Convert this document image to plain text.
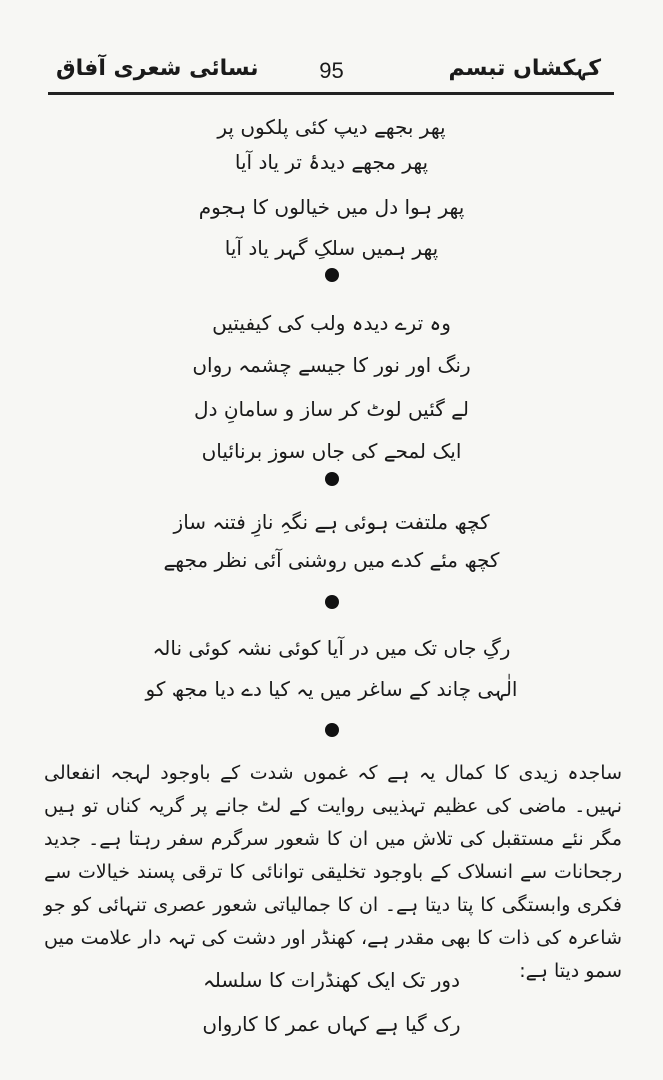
نسائی شعری آفاق	95	کہکشاں تبسم
پھر بجھے دیپ کئی پلکوں پر
پھر مجھے دیدۂ تر یاد آیا
پھر ہوا دل میں خیالوں کا ہجوم
پھر ہمیں سلکِ گہر یاد آیا
وہ ترے دیدہ ولب کی کیفیتیں
رنگ اور نور کا جیسے چشمہ رواں
لے گئیں لوٹ کر ساز و سامانِ دل
ایک لمحے کی جاں سوز برنائیاں
کچھ ملتفت ہوئی ہے نگہِ نازِ فتنہ ساز
کچھ مئے کدے میں روشنی آئی نظر مجھے
رگِ جاں تک میں در آیا کوئی نشہ کوئی نالہ
الٰہی چاند کے ساغر میں یہ کیا دے دیا مجھ کو

ساجدہ زیدی کا کمال یہ ہے کہ غموں شدت کے باوجود لہجہ انفعالی نہیں۔ ماضی کی عظیم تہذیبی روایت کے لٹ جانے پر گریہ کناں تو ہیں مگر نئے مستقبل کی تلاش میں ان کا شعور سرگرم سفر رہتا ہے۔ جدید رجحانات سے انسلاک کے باوجود تخلیقی توانائی کا ترقی پسند خیالات سے فکری وابستگی کا پتا دیتا ہے۔ ان کا جمالیاتی شعور عصری تنہائی کو جو شاعرہ کی ذات کا بھی مقدر ہے، کھنڈر اور دشت کی تہہ دار علامت میں سمو دیتا ہے:

دور تک ایک کھنڈرات کا سلسلہ
رک گیا ہے کہاں عمر کا کارواں
